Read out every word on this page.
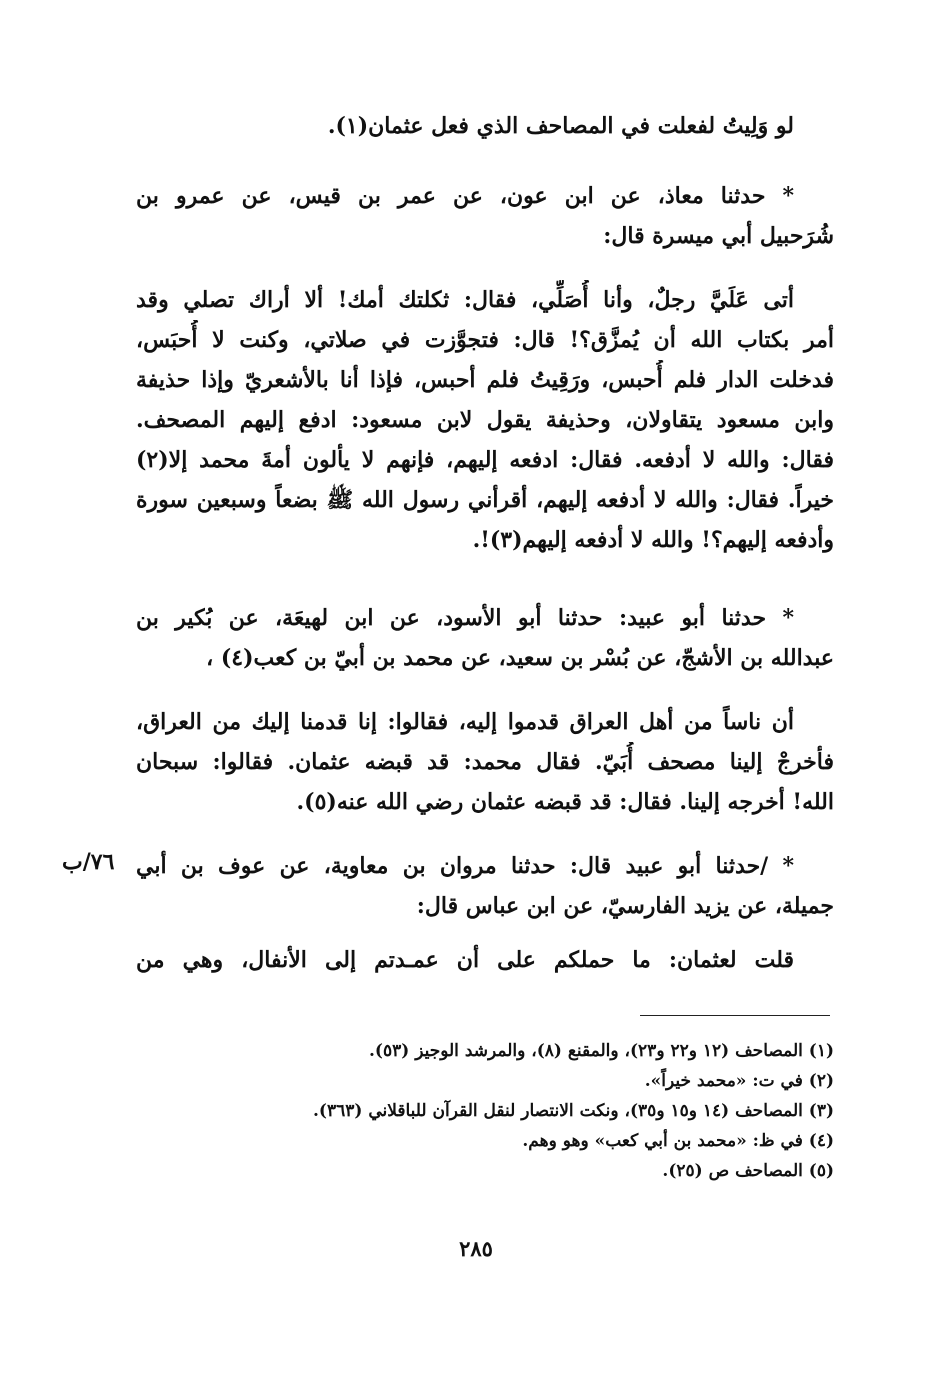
لو وَلِيتُ لفعلت في المصاحف الذي فعل عثمان(١).
* حدثنا معاذ، عن ابن عون، عن عمر بن قيس، عن عمرو بن
شُرَحبيل أبي ميسرة قال:
أتى عَلَيَّ رجلٌ، وأنا أُصَلِّي، فقال: ثكلتك أمك! ألا أراك تصلي وقد
أمر بكتاب الله أن يُمزَّق؟! قال: فتجوَّزت في صلاتي، وكنت لا أُحبَس،
فدخلت الدار فلم أُحبس، ورَقِيتُ فلم أحبس، فإذا أنا بالأشعريّ وإذا حذيفة
وابن مسعود يتقاولان، وحذيفة يقول لابن مسعود: ادفع إليهم المصحف.
فقال: والله لا أدفعه. فقال: ادفعه إليهم، فإنهم لا يألون أمةَ محمد إلا(٢)
خيراً. فقال: والله لا أدفعه إليهم، أقرأني رسول الله ﷺ بضعاً وسبعين سورة
وأدفعه إليهم؟! والله لا أدفعه إليهم(٣)!.
* حدثنا أبو عبيد: حدثنا أبو الأسود، عن ابن لهيعَة، عن بُكير بن
عبدالله بن الأشجّ، عن بُسْر بن سعيد، عن محمد بن أبيّ بن كعب(٤) ،
أن ناساً من أهل العراق قدموا إليه، فقالوا: إنا قدمنا إليك من العراق،
فأخرجْ إلينا مصحف أُبَيّ. فقال محمد: قد قبضه عثمان. فقالوا: سبحان
الله! أخرجه إلينا. فقال: قد قبضه عثمان رضي الله عنه(٥).
* /حدثنا أبو عبيد قال: حدثنا مروان بن معاوية، عن عوف بن أبي
جميلة، عن يزيد الفارسيّ، عن ابن عباس قال:
٧٦/ب
قلت لعثمان: ما حملكم على أن عمـدتم إلى الأنفال، وهي من
(١) المصاحف (١٢ و٢٢ و٢٣)، والمقنع (٨)، والمرشد الوجيز (٥٣).
(٢) في ت: «محمد خيراً».
(٣) المصاحف (١٤ و١٥ و٣٥)، ونكت الانتصار لنقل القرآن للباقلاني (٣٦٣).
(٤) في ظ: «محمد بن أبي كعب» وهو وهم.
(٥) المصاحف ص (٢٥).
٢٨٥
